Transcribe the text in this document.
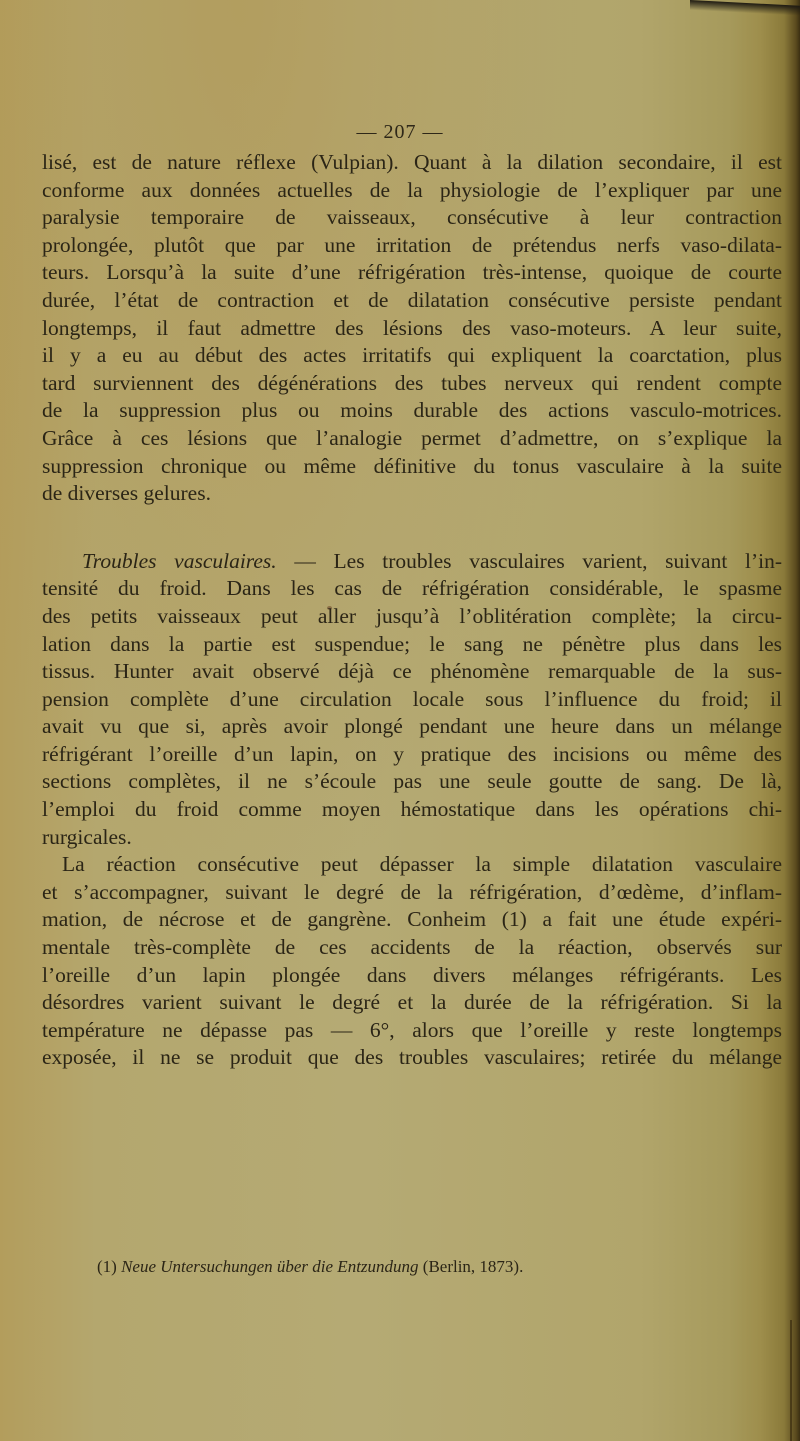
— 207 —
lisé, est de nature réflexe (Vulpian). Quant à la dilation secondaire, il est
conforme aux données actuelles de la physiologie de l’expliquer par une
paralysie temporaire de vaisseaux, consécutive à leur contraction
prolongée, plutôt que par une irritation de prétendus nerfs vaso-dilata-
teurs. Lorsqu’à la suite d’une réfrigération très-intense, quoique de courte
durée, l’état de contraction et de dilatation consécutive persiste pendant
longtemps, il faut admettre des lésions des vaso-moteurs. A leur suite,
il y a eu au début des actes irritatifs qui expliquent la coarctation, plus
tard surviennent des dégénérations des tubes nerveux qui rendent compte
de la suppression plus ou moins durable des actions vasculo-motrices.
Grâce à ces lésions que l’analogie permet d’admettre, on s’explique la
suppression chronique ou même définitive du tonus vasculaire à la suite
de diverses gelures.
Troubles vasculaires. — Les troubles vasculaires varient, suivant l’in-
tensité du froid. Dans les cas de réfrigération considérable, le spasme
des petits vaisseaux peut aller jusqu’à l’oblitération complète; la circu-
lation dans la partie est suspendue; le sang ne pénètre plus dans les
tissus. Hunter avait observé déjà ce phénomène remarquable de la sus-
pension complète d’une circulation locale sous l’influence du froid; il
avait vu que si, après avoir plongé pendant une heure dans un mélange
réfrigérant l’oreille d’un lapin, on y pratique des incisions ou même des
sections complètes, il ne s’écoule pas une seule goutte de sang. De là,
l’emploi du froid comme moyen hémostatique dans les opérations chi-
rurgicales.
La réaction consécutive peut dépasser la simple dilatation vasculaire
et s’accompagner, suivant le degré de la réfrigération, d’œdème, d’inflam-
mation, de nécrose et de gangrène. Conheim (1) a fait une étude expéri-
mentale très-complète de ces accidents de la réaction, observés sur
l’oreille d’un lapin plongée dans divers mélanges réfrigérants. Les
désordres varient suivant le degré et la durée de la réfrigération. Si la
température ne dépasse pas — 6°, alors que l’oreille y reste longtemps
exposée, il ne se produit que des troubles vasculaires; retirée du mélange
(1) Neue Untersuchungen über die Entzundung (Berlin, 1873).
